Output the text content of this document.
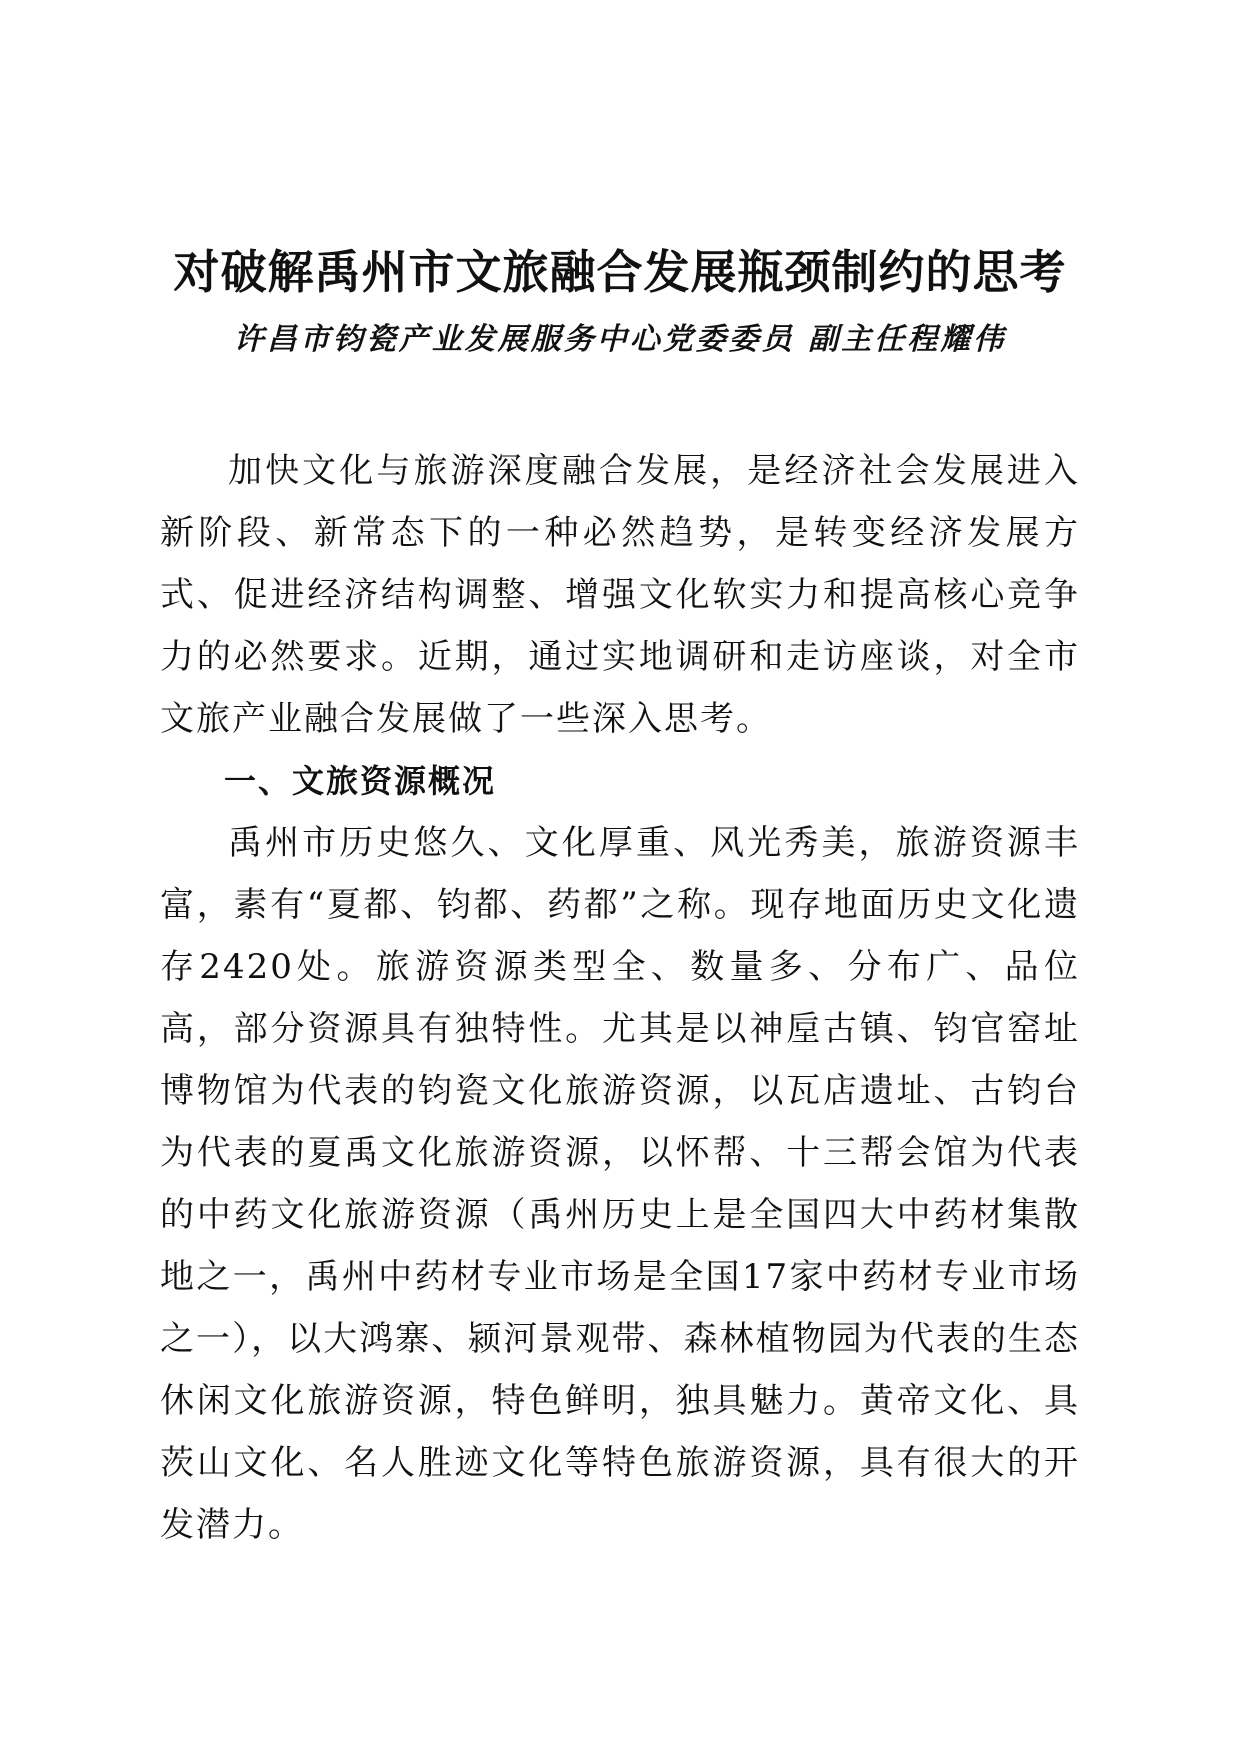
对破解禹州市文旅融合发展瓶颈制约的思考
许昌市钧瓷产业发展服务中心党委委员 副主任程耀伟

加快文化与旅游深度融合发展，是经济社会发展进入新阶段、新常态下的一种必然趋势，是转变经济发展方式、促进经济结构调整、增强文化软实力和提高核心竞争力的必然要求。近期，通过实地调研和走访座谈，对全市文旅产业融合发展做了一些深入思考。

一、文旅资源概况

禹州市历史悠久、文化厚重、风光秀美，旅游资源丰富，素有“夏都、钧都、药都”之称。现存地面历史文化遗存2420处。旅游资源类型全、数量多、分布广、品位高，部分资源具有独特性。尤其是以神垕古镇、钧官窑址博物馆为代表的钧瓷文化旅游资源，以瓦店遗址、古钧台为代表的夏禹文化旅游资源，以怀帮、十三帮会馆为代表的中药文化旅游资源（禹州历史上是全国四大中药材集散地之一，禹州中药材专业市场是全国17家中药材专业市场之一），以大鸿寨、颍河景观带、森林植物园为代表的生态休闲文化旅游资源，特色鲜明，独具魅力。黄帝文化、具茨山文化、名人胜迹文化等特色旅游资源，具有很大的开发潜力。
